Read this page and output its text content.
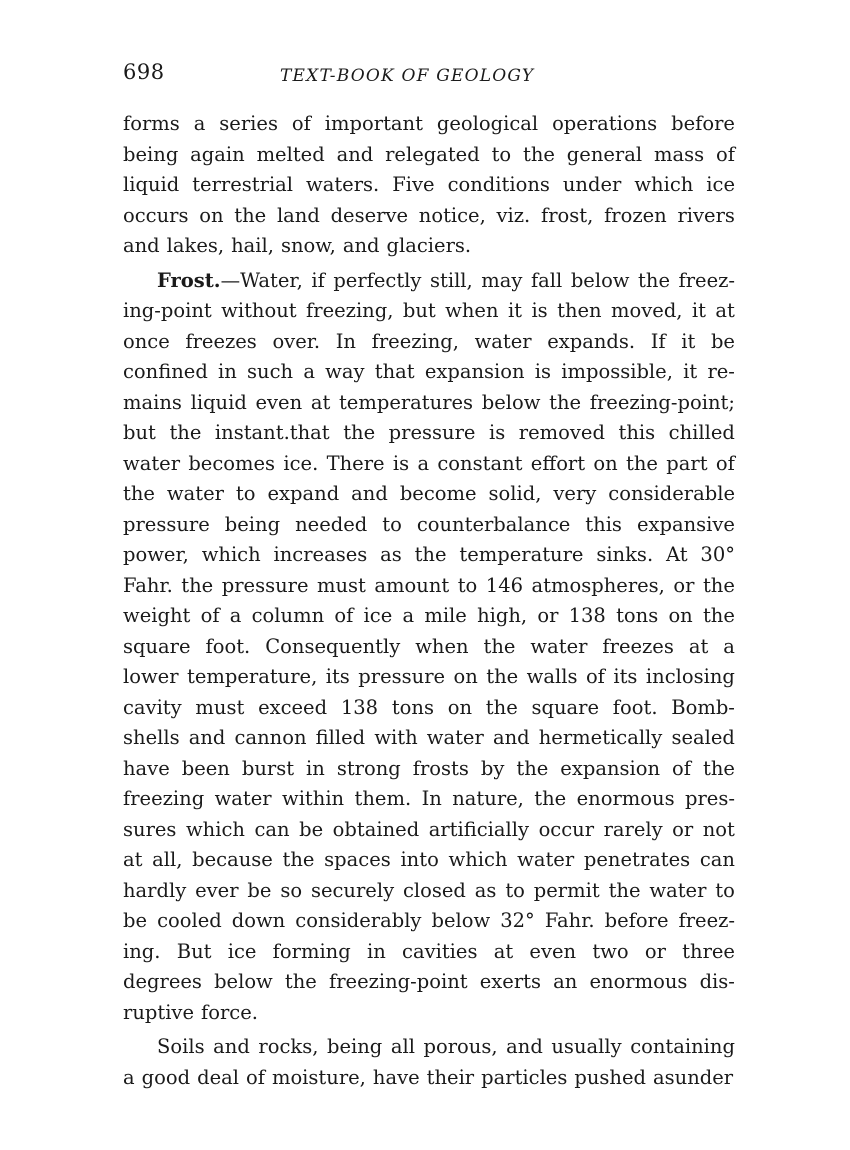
698	TEXT-BOOK OF GEOLOGY
forms a series of important geological operations before
being again melted and relegated to the general mass of
liquid terrestrial waters. Five conditions under which ice
occurs on the land deserve notice, viz. frost, frozen rivers
and lakes, hail, snow, and glaciers.
Frost.—Water, if perfectly still, may fall below the freez-
ing-point without freezing, but when it is then moved, it at
once freezes over. In freezing, water expands. If it be
confined in such a way that expansion is impossible, it re-
mains liquid even at temperatures below the freezing-point;
but the instant.that the pressure is removed this chilled
water becomes ice. There is a constant effort on the part of
the water to expand and become solid, very considerable
pressure being needed to counterbalance this expansive
power, which increases as the temperature sinks. At 30°
Fahr. the pressure must amount to 146 atmospheres, or the
weight of a column of ice a mile high, or 138 tons on the
square foot. Consequently when the water freezes at a
lower temperature, its pressure on the walls of its inclosing
cavity must exceed 138 tons on the square foot. Bomb-
shells and cannon filled with water and hermetically sealed
have been burst in strong frosts by the expansion of the
freezing water within them. In nature, the enormous pres-
sures which can be obtained artificially occur rarely or not
at all, because the spaces into which water penetrates can
hardly ever be so securely closed as to permit the water to
be cooled down considerably below 32° Fahr. before freez-
ing. But ice forming in cavities at even two or three
degrees below the freezing-point exerts an enormous dis-
ruptive force.
Soils and rocks, being all porous, and usually containing
a good deal of moisture, have their particles pushed asunder
